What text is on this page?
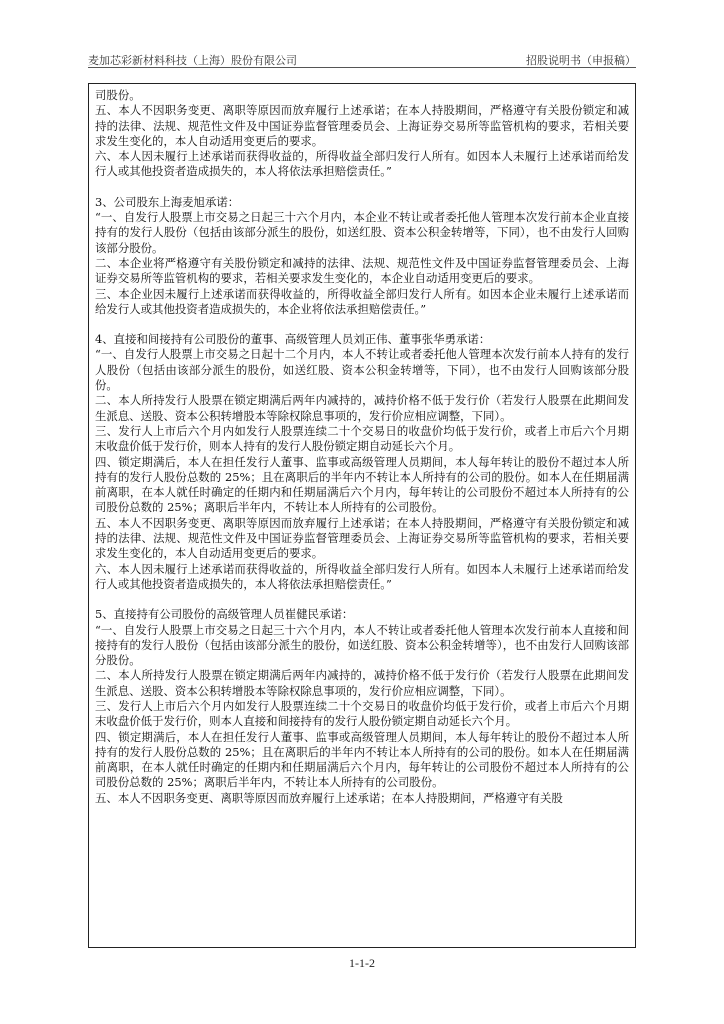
麦加芯彩新材料科技（上海）股份有限公司	招股说明书（申报稿）

司股份。

五、本人不因职务变更、离职等原因而放弃履行上述承诺；在本人持股期间，严格遵守有关股份锁定和减持的法律、法规、规范性文件及中国证券监督管理委员会、上海证券交易所等监管机构的要求，若相关要求发生变化的，本人自动适用变更后的要求。

六、本人因未履行上述承诺而获得收益的，所得收益全部归发行人所有。如因本人未履行上述承诺而给发行人或其他投资者造成损失的，本人将依法承担赔偿责任。”

3、公司股东上海麦旭承诺：

“一、自发行人股票上市交易之日起三十六个月内，本企业不转让或者委托他人管理本次发行前本企业直接持有的发行人股份（包括由该部分派生的股份，如送红股、资本公积金转增等，下同），也不由发行人回购该部分股份。

二、本企业将严格遵守有关股份锁定和减持的法律、法规、规范性文件及中国证券监督管理委员会、上海证券交易所等监管机构的要求，若相关要求发生变化的，本企业自动适用变更后的要求。

三、本企业因未履行上述承诺而获得收益的，所得收益全部归发行人所有。如因本企业未履行上述承诺而给发行人或其他投资者造成损失的，本企业将依法承担赔偿责任。”

4、直接和间接持有公司股份的董事、高级管理人员刘正伟、董事张华勇承诺：

“一、自发行人股票上市交易之日起十二个月内，本人不转让或者委托他人管理本次发行前本人持有的发行人股份（包括由该部分派生的股份，如送红股、资本公积金转增等，下同），也不由发行人回购该部分股份。

二、本人所持发行人股票在锁定期满后两年内减持的，减持价格不低于发行价（若发行人股票在此期间发生派息、送股、资本公积转增股本等除权除息事项的，发行价应相应调整，下同）。

三、发行人上市后六个月内如发行人股票连续二十个交易日的收盘价均低于发行价，或者上市后六个月期末收盘价低于发行价，则本人持有的发行人股份锁定期自动延长六个月。

四、锁定期满后，本人在担任发行人董事、监事或高级管理人员期间，本人每年转让的股份不超过本人所持有的发行人股份总数的 25%；且在离职后的半年内不转让本人所持有的公司的股份。如本人在任期届满前离职，在本人就任时确定的任期内和任期届满后六个月内，每年转让的公司股份不超过本人所持有的公司股份总数的 25%；离职后半年内，不转让本人所持有的公司股份。

五、本人不因职务变更、离职等原因而放弃履行上述承诺；在本人持股期间，严格遵守有关股份锁定和减持的法律、法规、规范性文件及中国证券监督管理委员会、上海证券交易所等监管机构的要求，若相关要求发生变化的，本人自动适用变更后的要求。

六、本人因未履行上述承诺而获得收益的，所得收益全部归发行人所有。如因本人未履行上述承诺而给发行人或其他投资者造成损失的，本人将依法承担赔偿责任。”

5、直接持有公司股份的高级管理人员崔健民承诺：

“一、自发行人股票上市交易之日起三十六个月内，本人不转让或者委托他人管理本次发行前本人直接和间接持有的发行人股份（包括由该部分派生的股份，如送红股、资本公积金转增等），也不由发行人回购该部分股份。

二、本人所持发行人股票在锁定期满后两年内减持的，减持价格不低于发行价（若发行人股票在此期间发生派息、送股、资本公积转增股本等除权除息事项的，发行价应相应调整，下同）。

三、发行人上市后六个月内如发行人股票连续二十个交易日的收盘价均低于发行价，或者上市后六个月期末收盘价低于发行价，则本人直接和间接持有的发行人股份锁定期自动延长六个月。

四、锁定期满后，本人在担任发行人董事、监事或高级管理人员期间，本人每年转让的股份不超过本人所持有的发行人股份总数的 25%；且在离职后的半年内不转让本人所持有的公司的股份。如本人在任期届满前离职，在本人就任时确定的任期内和任期届满后六个月内，每年转让的公司股份不超过本人所持有的公司股份总数的 25%；离职后半年内，不转让本人所持有的公司股份。

五、本人不因职务变更、离职等原因而放弃履行上述承诺；在本人持股期间，严格遵守有关股

1-1-2
